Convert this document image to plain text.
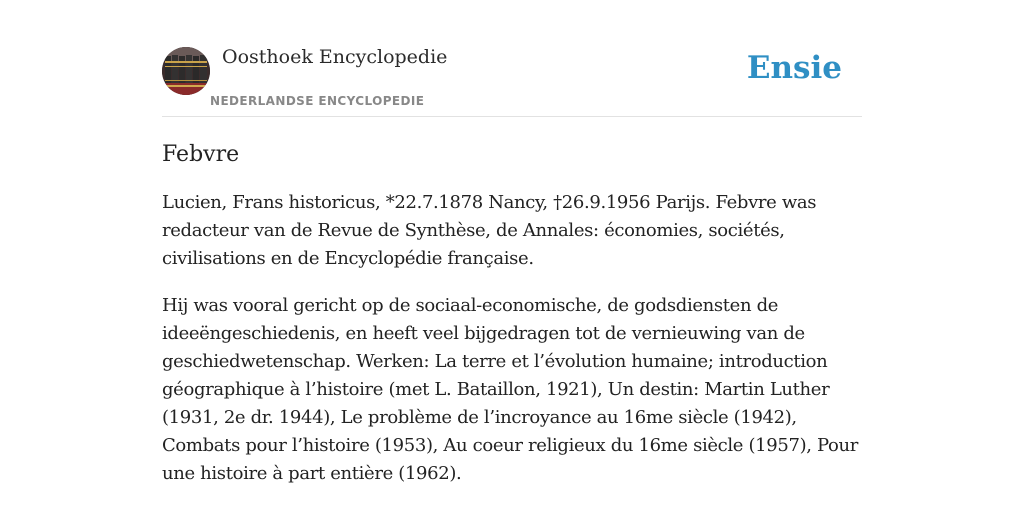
Oosthoek Encyclopedie
NEDERLANDSE ENCYCLOPEDIE
Ensie
Febvre

Lucien, Frans historicus, *22.7.1878 Nancy, †26.9.1956 Parijs. Febvre was redacteur van de Revue de Synthèse, de Annales: économies, sociétés, civilisations en de Encyclopédie française.

Hij was vooral gericht op de sociaal-economische, de godsdiensten de ideeëngeschiedenis, en heeft veel bijgedragen tot de vernieuwing van de geschiedwetenschap. Werken: La terre et l’évolution humaine; introduction géographique à l’histoire (met L. Bataillon, 1921), Un destin: Martin Luther (1931, 2e dr. 1944), Le problème de l’incroyance au 16me siècle (1942), Combats pour l’histoire (1953), Au coeur religieux du 16me siècle (1957), Pour une histoire à part entière (1962).
